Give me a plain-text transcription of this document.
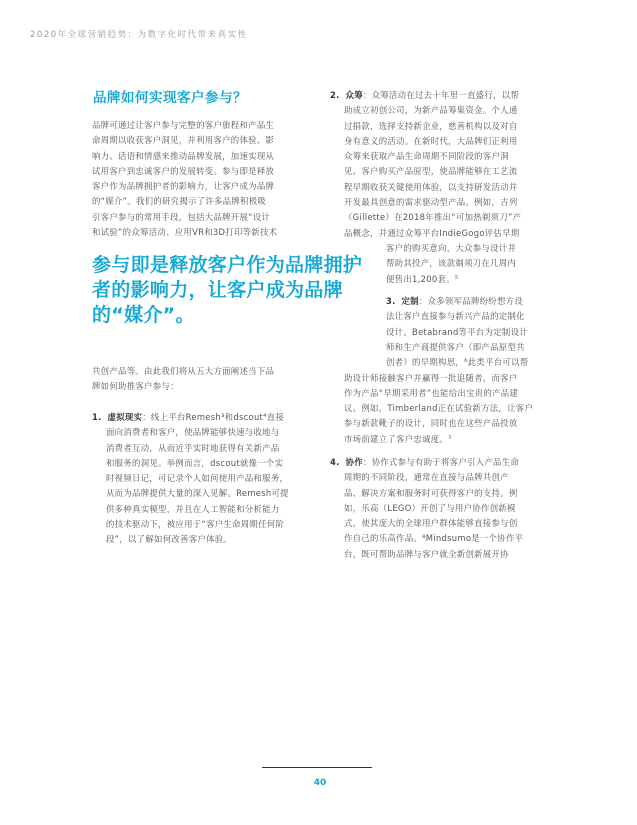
2020年全球营销趋势：为数字化时代带来真实性
品牌如何实现客户参与？
品牌可通过让客户参与完整的客户旅程和产品生
命周期以收获客户洞见，并利用客户的体验、影
响力、话语和情感来推动品牌发展，加速实现从
试用客户到忠诚客户的发展转变。参与即是释放
客户作为品牌拥护者的影响力，让客户成为品牌
的“媒介”。我们的研究揭示了许多品牌积极吸
引客户参与的常用手段，包括大品牌开展“设计
和试验”的众筹活动、应用VR和3D打印等新技术
参与即是释放客户作为品牌拥护
者的影响力，让客户成为品牌
的“媒介”。
共创产品等。由此我们将从五大方面阐述当下品
牌如何助推客户参与：
1. 虚拟现实：线上平台Remesh³和dscout⁴直接
面向消费者和客户，使品牌能够快速与收地与
消费者互动，从而近乎实时地获得有关新产品
和服务的洞见。举例而言，dscout就像一个实
时视频日记，可记录个人如何使用产品和服务，
从而为品牌提供大量的深入见解。Remesh可提
供多种真实模型，并且在人工智能和分析能力
的技术驱动下，被应用于“客户生命周期任何阶
段”，以了解如何改善客户体验。
2. 众筹：众筹活动在过去十年里一直盛行，以帮
助成立初创公司，为新产品筹集资金。个人通
过捐款，选择支持新企业，慈善机构以及对自
身有意义的活动。在新时代，大品牌们正利用
众筹来获取产品生命周期不同阶段的客户洞
见。客户购买产品原型，使品牌能够在工艺流
程早期收获关键使用体验，以支持研发活动并
开发最具创意的需求驱动型产品。例如，吉列
（Gillette）在2018年推出“可加热剃须刀”产
品概念，并通过众筹平台IndieGogo评估早期
客户的购买意向，大众参与设计并
帮助其投产，该款剃须刀在几周内
便售出1,200套。⁵
3. 定制：众多领军品牌纷纷想方设
法让客户直接参与新兴产品的定制化
设计。Betabrand等平台为定制设计
师和生产商提供客户（即产品原型共
创者）的早期构思，⁶此类平台可以帮
助设计师接触客户并赢得一批追随者，而客户
作为产品“早期采用者”也能给出宝贵的产品建
议。例如，Timberland正在试验新方法，让客户
参与新款靴子的设计，同时也在这些产品投放
市场前建立了客户忠诚度。⁷
4. 协作：协作式参与有助于将客户引入产品生命
周期的不同阶段，通常在直接与品牌共创产
品、解决方案和服务时可获得客户的支持。例
如，乐高（LEGO）开创了与用户协作创新模
式，使其庞大的全球用户群体能够直接参与创
作自己的乐高作品。⁸Mindsumo是一个协作平
台，既可帮助品牌与客户就全新创新展开协
40
